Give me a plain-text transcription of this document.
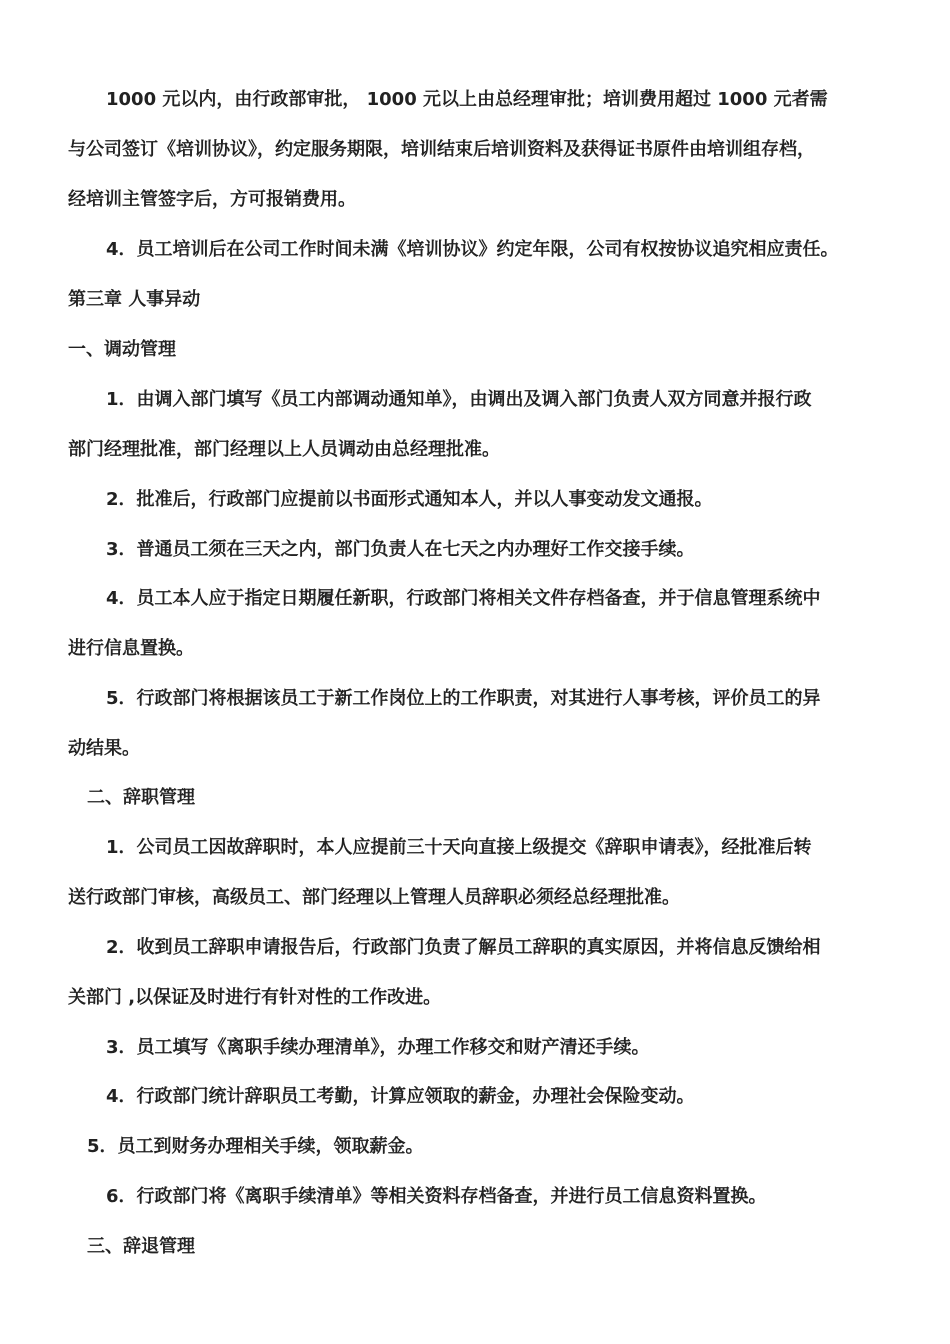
1000 元以内，由行政部审批， 1000 元以上由总经理审批；培训费用超过 1000 元者需
与公司签订《培训协议》，约定服务期限，培训结束后培训资料及获得证书原件由培训组存档，
经培训主管签字后，方可报销费用。
4．员工培训后在公司工作时间未满《培训协议》约定年限，公司有权按协议追究相应责任。
第三章 人事异动
一、调动管理
1．由调入部门填写《员工内部调动通知单》，由调出及调入部门负责人双方同意并报行政
部门经理批准，部门经理以上人员调动由总经理批准。
2．批准后，行政部门应提前以书面形式通知本人，并以人事变动发文通报。
3．普通员工须在三天之内，部门负责人在七天之内办理好工作交接手续。
4．员工本人应于指定日期履任新职，行政部门将相关文件存档备查，并于信息管理系统中
进行信息置换。
5．行政部门将根据该员工于新工作岗位上的工作职责，对其进行人事考核，评价员工的异
动结果。
二、辞职管理
1．公司员工因故辞职时，本人应提前三十天向直接上级提交《辞职申请表》，经批准后转
送行政部门审核，高级员工、部门经理以上管理人员辞职必须经总经理批准。
2．收到员工辞职申请报告后，行政部门负责了解员工辞职的真实原因，并将信息反馈给相
关部门 ,以保证及时进行有针对性的工作改进。
3．员工填写《离职手续办理清单》，办理工作移交和财产清还手续。
4．行政部门统计辞职员工考勤，计算应领取的薪金，办理社会保险变动。
5．员工到财务办理相关手续，领取薪金。
6．行政部门将《离职手续清单》等相关资料存档备查，并进行员工信息资料置换。
三、辞退管理
